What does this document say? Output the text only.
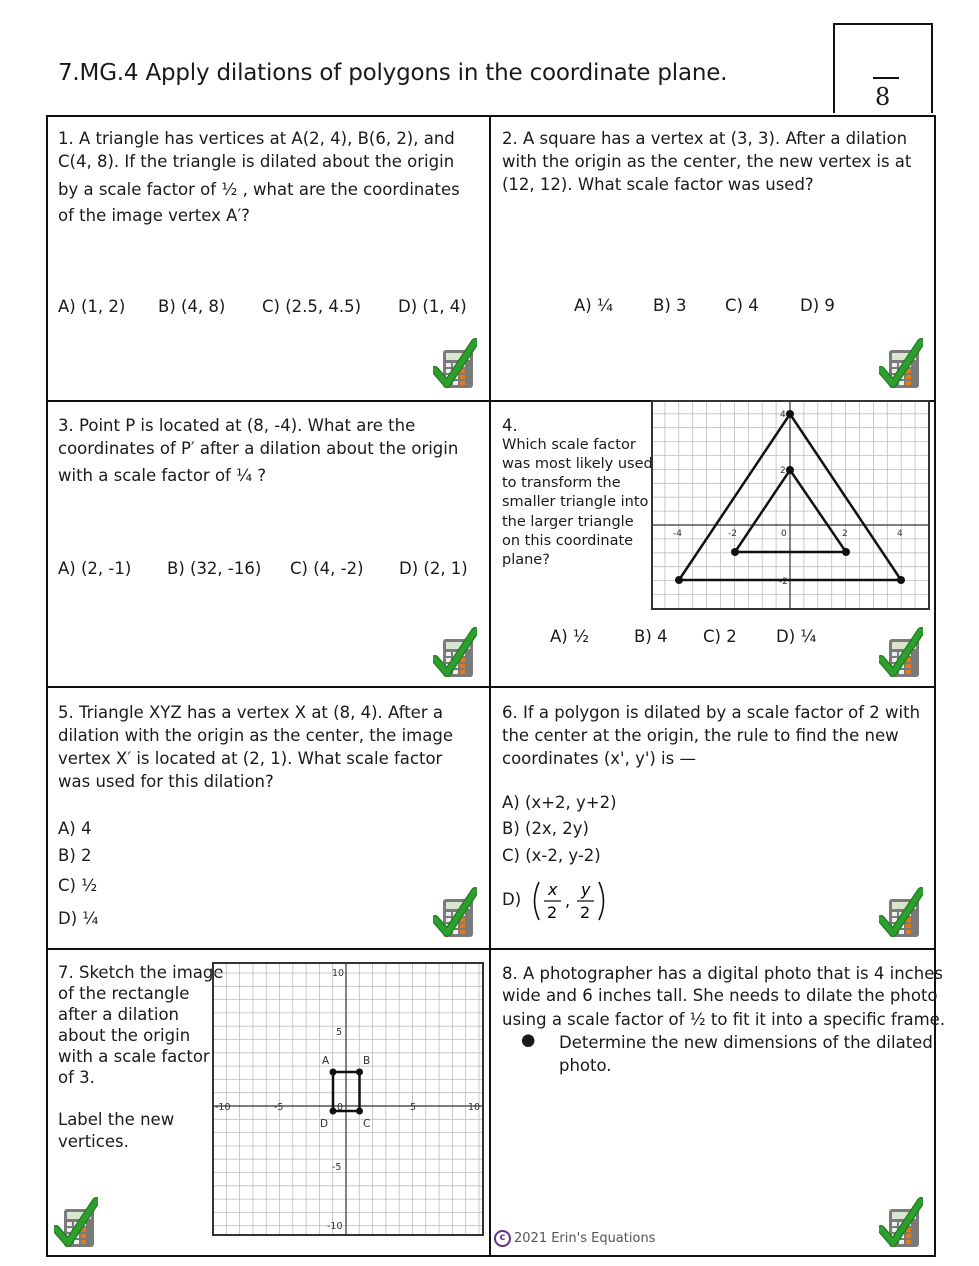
7.MG.4 Apply dilations of polygons in the coordinate plane.
8
1. A triangle has vertices at A(2, 4), B(6, 2), and
C(4, 8). If the triangle is dilated about the origin
by a scale factor of ½ , what are the coordinates
of the image vertex A′?
A) (1, 2) B) (4, 8) C) (2.5, 4.5) D) (1, 4)
2. A square has a vertex at (3, 3). After a dilation
with the origin as the center, the new vertex is at
(12, 12). What scale factor was used?
A) ¼ B) 3 C) 4	D) 9
3. Point P is located at (8, -4). What are the
coordinates of P′ after a dilation about the origin
with a scale factor of ¼ ?
A) (2, -1) B) (32, -16) C) (4, -2) D) (2, 1)
4.
Which scale factor
was most likely used
to transform the
smaller triangle into
the larger triangle
on this coordinate
plane?
-4	-2	0	2	4
4
2
-2
A) ½	B) 4 C) 2 D) ¼
5. Triangle XYZ has a vertex X at (8, 4). After a
dilation with the origin as the center, the image
vertex X′ is located at (2, 1). What scale factor
was used for this dilation?
A) 4
B) 2
C) ½
D) ¼
6. If a polygon is dilated by a scale factor of 2 with
the center at the origin, the rule to find the new
coordinates (x', y') is —
A) (x+2, y+2)
B) (2x, 2y)
C) (x-2, y-2)
D)
x
2
,
y
2
7. Sketch the image
of the rectangle
after a dilation
about the origin
with a scale factor
of 3.
Label the new
vertices.
A	B
C
D
10
5
-5
-10
-10	-5	0	5	10
8. A photographer has a digital photo that is 4 inches
wide and 6 inches tall. She needs to dilate the photo
using a scale factor of ½ to fit it into a specific frame.
● Determine the new dimensions of the dilated
photo.
c 2021 Erin's Equations
